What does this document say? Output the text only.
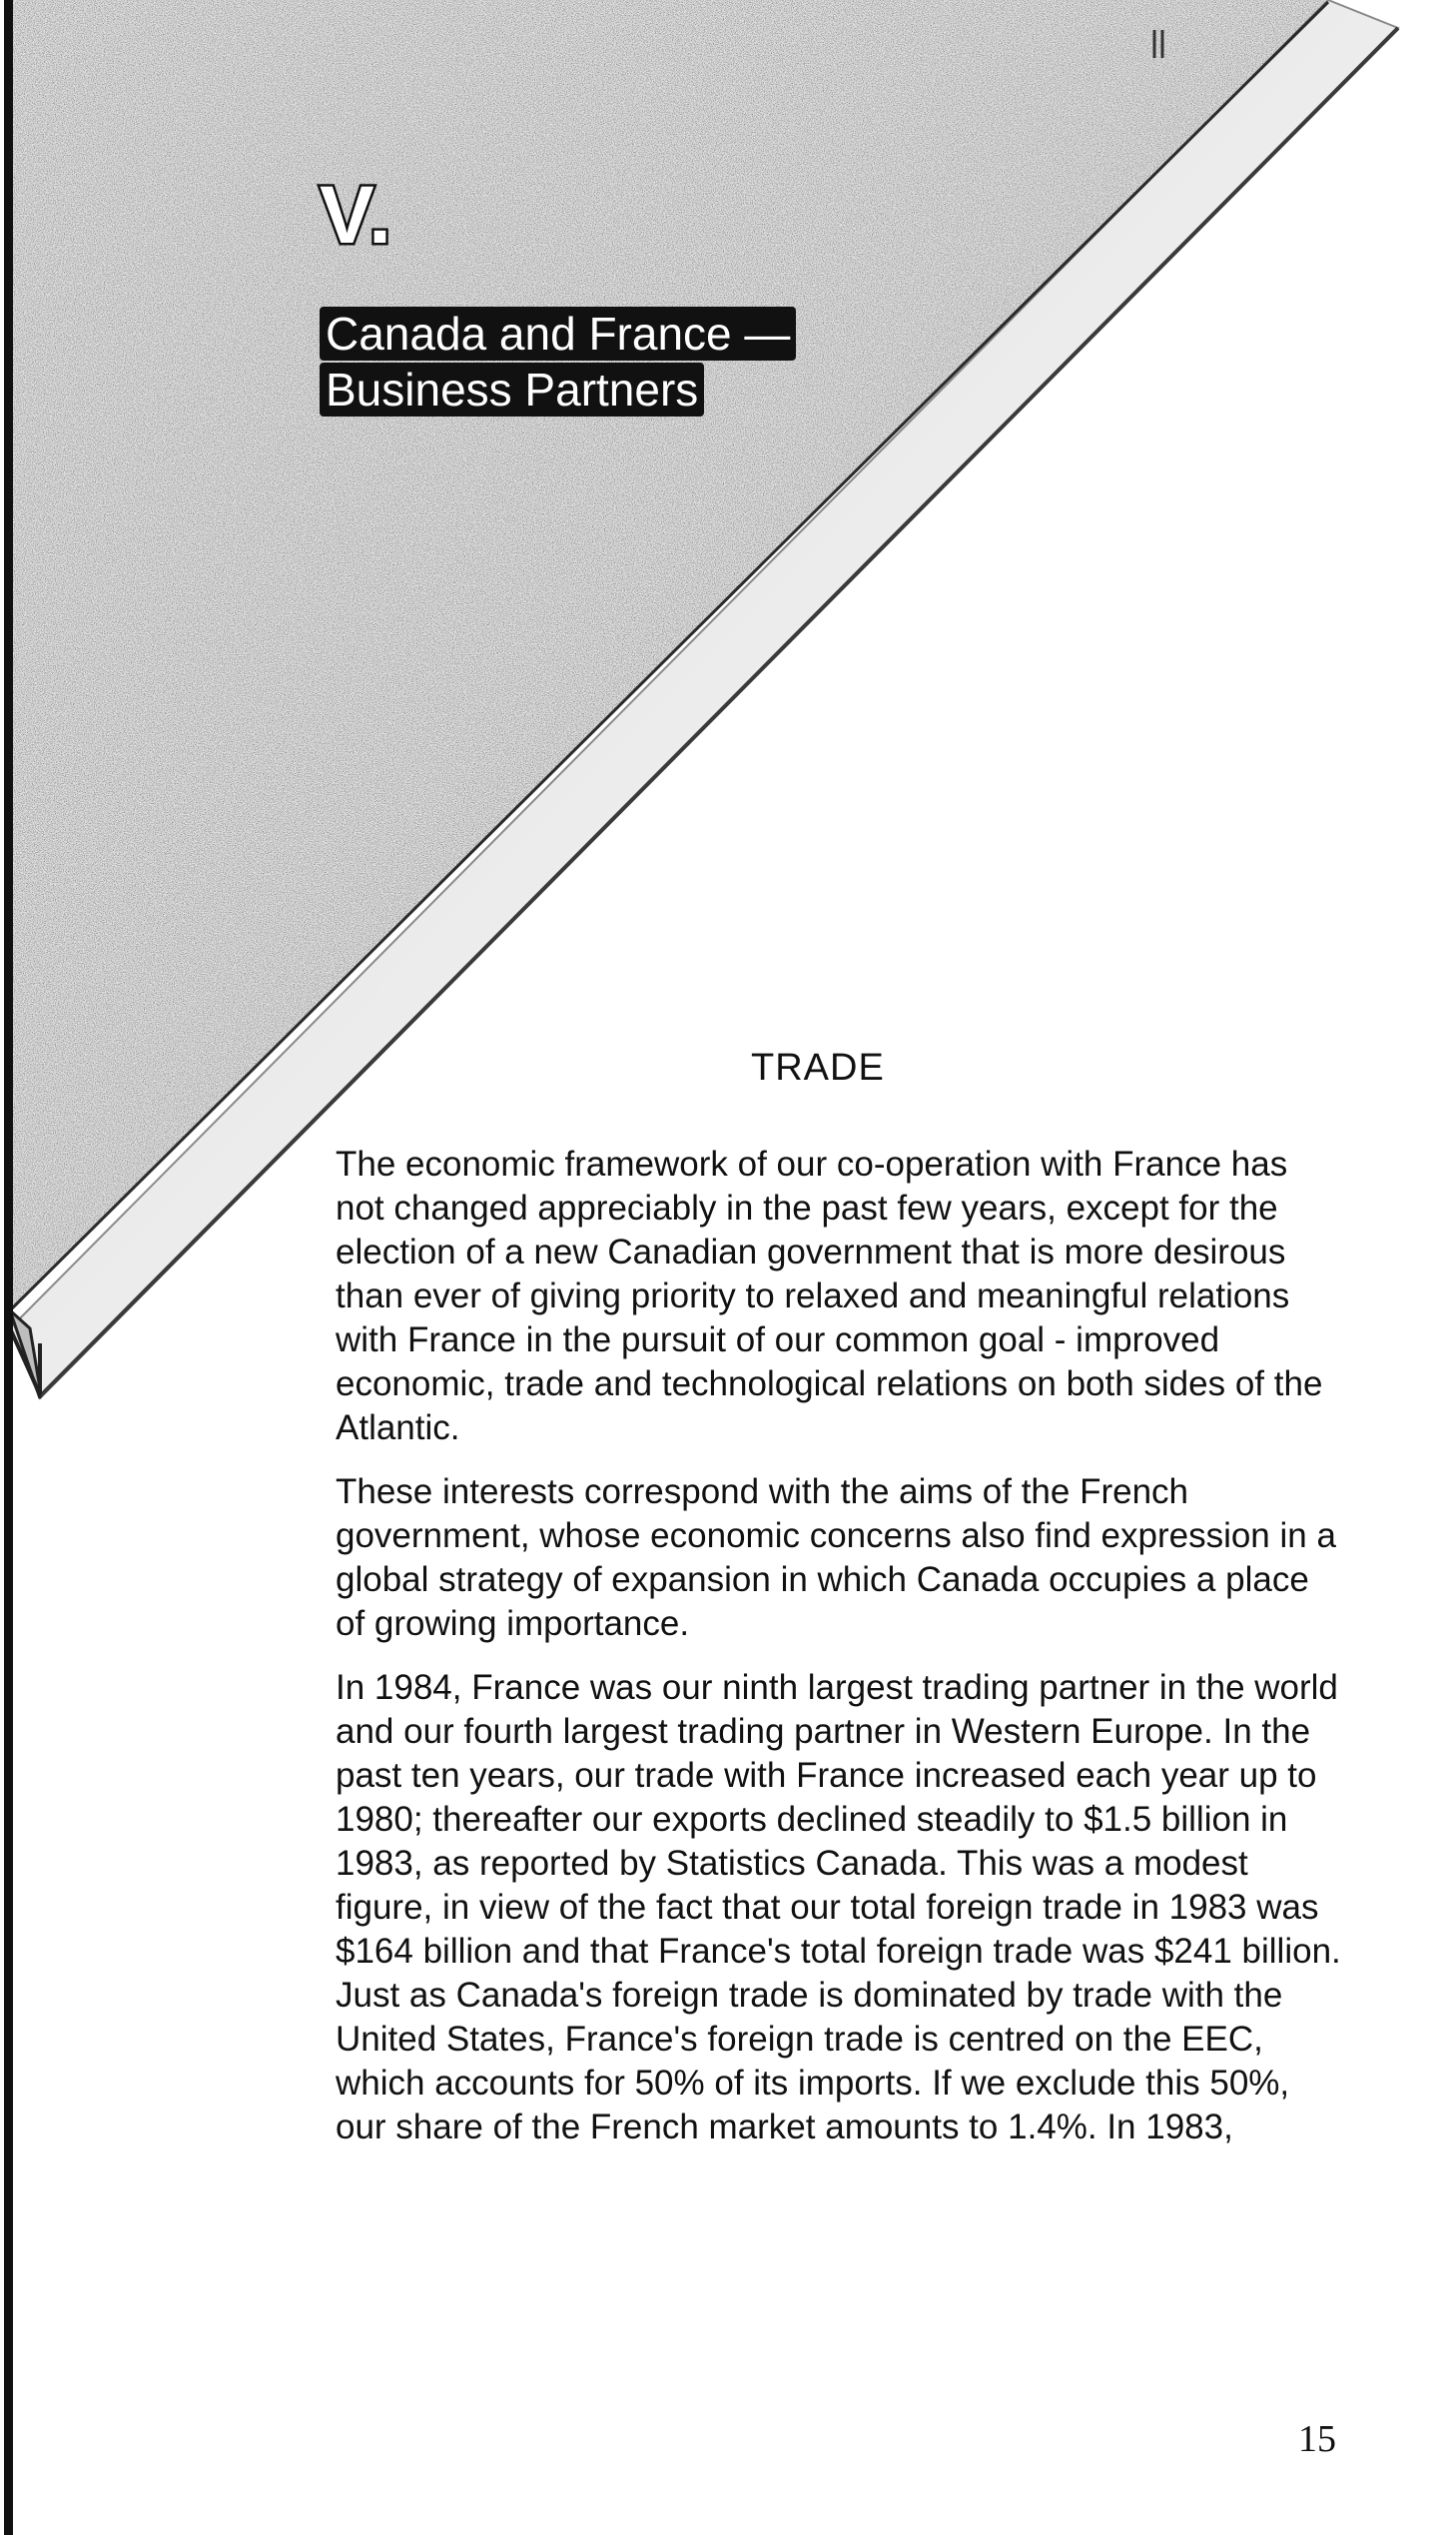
V.
Canada and France —
Business Partners
TRADE

The economic framework of our co-operation with France has not changed appreciably in the past few years, except for the election of a new Canadian government that is more desirous than ever of giving priority to relaxed and meaningful relations with France in the pursuit of our common goal - improved economic, trade and technological relations on both sides of the Atlantic.

These interests correspond with the aims of the French government, whose economic concerns also find expression in a global strategy of expansion in which Canada occupies a place of growing importance.

In 1984, France was our ninth largest trading partner in the world and our fourth largest trading partner in Western Europe. In the past ten years, our trade with France increased each year up to 1980; thereafter our exports declined steadily to $1.5 billion in 1983, as reported by Statistics Canada. This was a modest figure, in view of the fact that our total foreign trade in 1983 was $164 billion and that France's total foreign trade was $241 billion. Just as Canada's foreign trade is dominated by trade with the United States, France's foreign trade is centred on the EEC, which accounts for 50% of its imports. If we exclude this 50%, our share of the French market amounts to 1.4%. In 1983,

15
